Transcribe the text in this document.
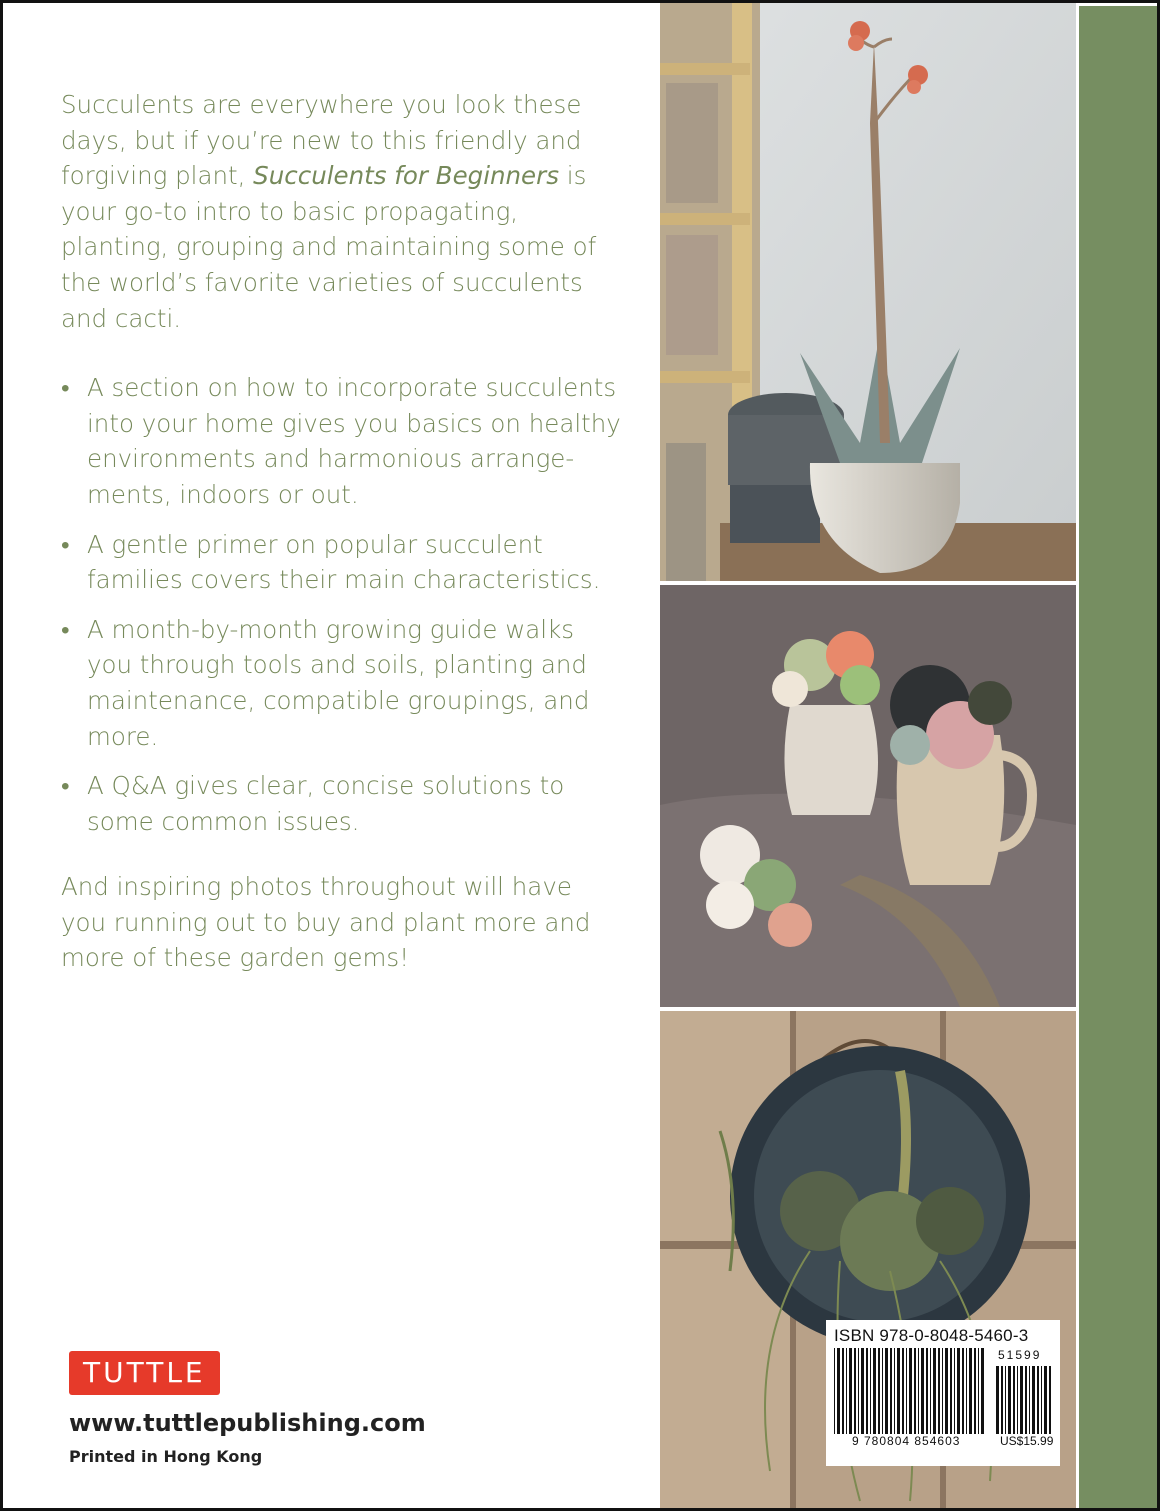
Succulents are everywhere you look these days, but if you’re new to this friendly and forgiving plant, Succulents for Beginners is your go-to intro to basic propagating, planting, grouping and maintaining some of the world’s favorite varieties of succulents and cacti.

• A section on how to incorporate succulents into your home gives you basics on healthy environments and harmonious arrange-ments, indoors or out.
• A gentle primer on popular succulent families covers their main characteristics.
• A month-by-month growing guide walks you through tools and soils, planting and maintenance, compatible groupings, and more.
• A Q&A gives clear, concise solutions to some common issues.

And inspiring photos throughout will have you running out to buy and plant more and more of these garden gems!

TUTTLE
www.tuttlepublishing.com
Printed in Hong Kong
ISBN 978-0-8048-5460-3
51599
9 780804 854603	US$15.99
